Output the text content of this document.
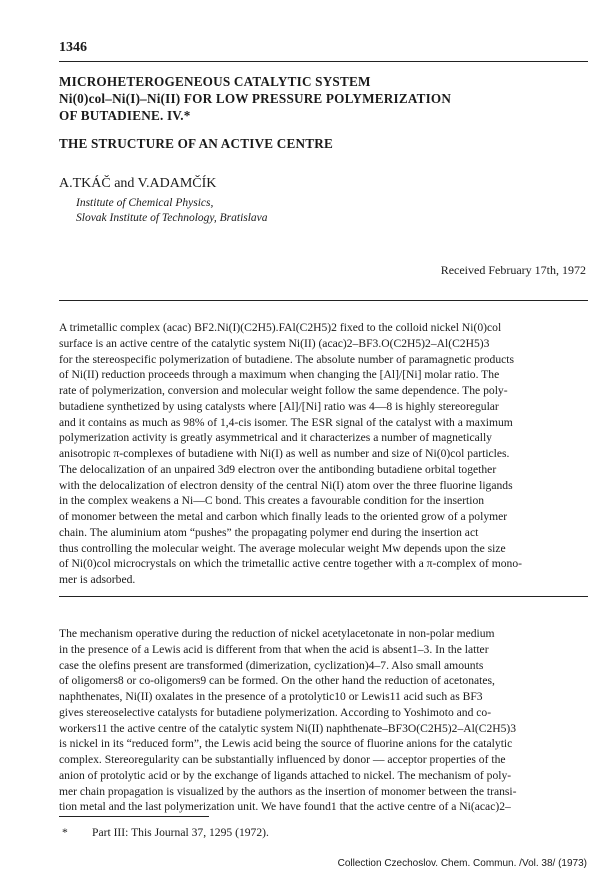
1346
MICROHETEROGENEOUS CATALYTIC SYSTEM
Ni(0)col–Ni(I)–Ni(II) FOR LOW PRESSURE POLYMERIZATION
OF BUTADIENE. IV.*
THE STRUCTURE OF AN ACTIVE CENTRE
A.TKÁČ and V.ADAMČÍK
Institute of Chemical Physics,
Slovak Institute of Technology, Bratislava
Received February 17th, 1972
A trimetallic complex (acac) BF2.Ni(I)(C2H5).FAl(C2H5)2 fixed to the colloid nickel Ni(0)col
surface is an active centre of the catalytic system Ni(II) (acac)2–BF3.O(C2H5)2–Al(C2H5)3
for the stereospecific polymerization of butadiene. The absolute number of paramagnetic products
of Ni(II) reduction proceeds through a maximum when changing the [Al]/[Ni] molar ratio. The
rate of polymerization, conversion and molecular weight follow the same dependence. The poly-
butadiene synthetized by using catalysts where [Al]/[Ni] ratio was 4—8 is highly stereoregular
and it contains as much as 98% of 1,4-cis isomer. The ESR signal of the catalyst with a maximum
polymerization activity is greatly asymmetrical and it characterizes a number of magnetically
anisotropic π-complexes of butadiene with Ni(I) as well as number and size of Ni(0)col particles.
The delocalization of an unpaired 3d9 electron over the antibonding butadiene orbital together
with the delocalization of electron density of the central Ni(I) atom over the three fluorine ligands
in the complex weakens a Ni—C bond. This creates a favourable condition for the insertion
of monomer between the metal and carbon which finally leads to the oriented grow of a polymer
chain. The aluminium atom “pushes” the propagating polymer end during the insertion act
thus controlling the molecular weight. The average molecular weight Mw depends upon the size
of Ni(0)col microcrystals on which the trimetallic active centre together with a π-complex of mono-
mer is adsorbed.
The mechanism operative during the reduction of nickel acetylacetonate in non-polar medium
in the presence of a Lewis acid is different from that when the acid is absent1–3. In the latter
case the olefins present are transformed (dimerization, cyclization)4–7. Also small amounts
of oligomers8 or co-oligomers9 can be formed. On the other hand the reduction of acetonates,
naphthenates, Ni(II) oxalates in the presence of a protolytic10 or Lewis11 acid such as BF3
gives stereoselective catalysts for butadiene polymerization. According to Yoshimoto and co-
workers11 the active centre of the catalytic system Ni(II) naphthenate–BF3O(C2H5)2–Al(C2H5)3
is nickel in its “reduced form”, the Lewis acid being the source of fluorine anions for the catalytic
complex. Stereoregularity can be substantially influenced by donor — acceptor properties of the
anion of protolytic acid or by the exchange of ligands attached to nickel. The mechanism of poly-
mer chain propagation is visualized by the authors as the insertion of monomer between the transi-
tion metal and the last polymerization unit. We have found1 that the active centre of a Ni(acac)2–
* Part III: This Journal 37, 1295 (1972).
Collection Czechoslov. Chem. Commun. /Vol. 38/ (1973)
